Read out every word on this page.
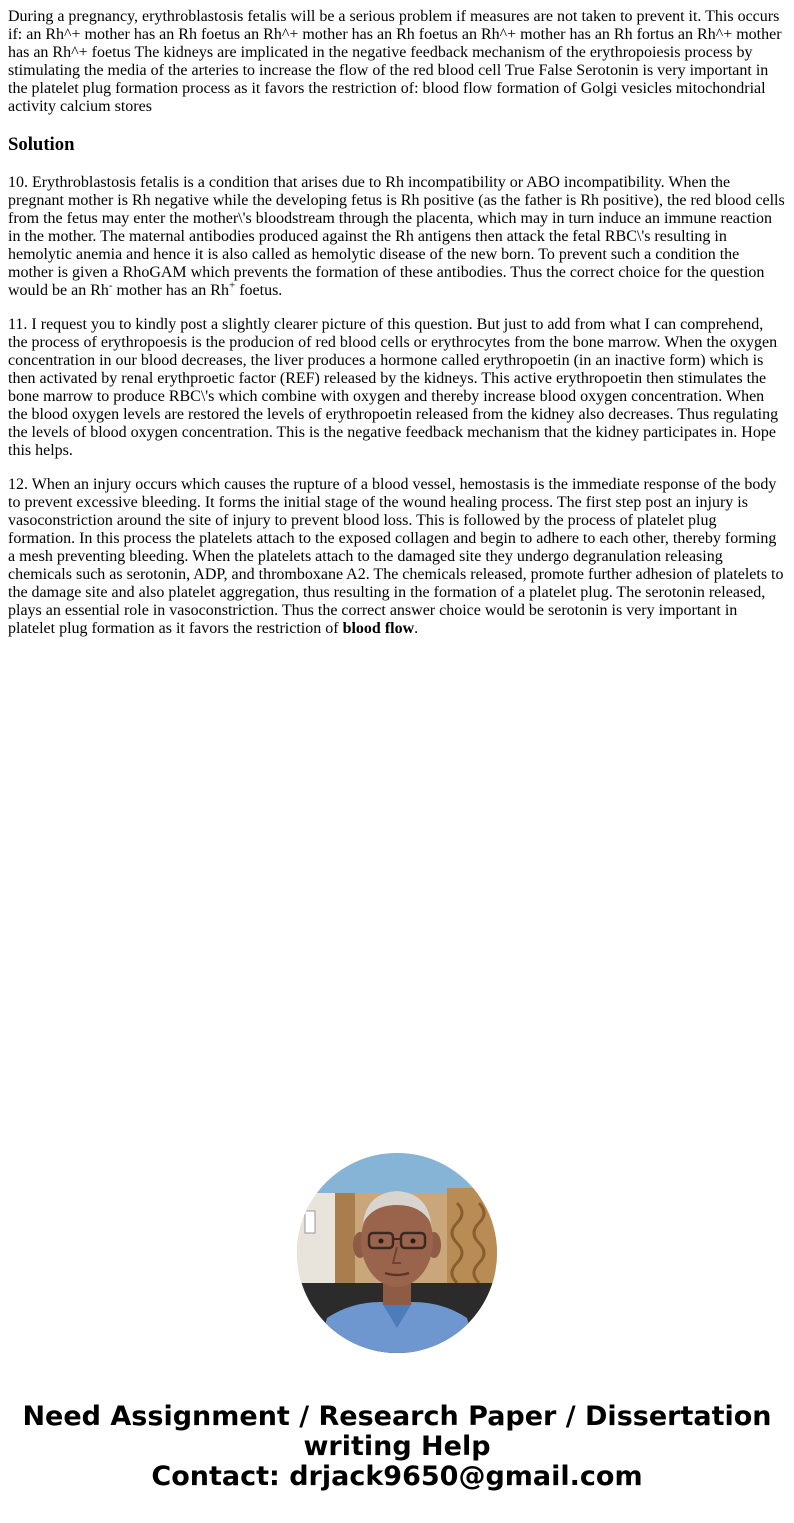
During a pregnancy, erythroblastosis fetalis will be a serious problem if measures are not taken to prevent it. This occurs if: an Rh^+ mother has an Rh foetus an Rh^+ mother has an Rh foetus an Rh^+ mother has an Rh fortus an Rh^+ mother has an Rh^+ foetus The kidneys are implicated in the negative feedback mechanism of the erythropoiesis process by stimulating the media of the arteries to increase the flow of the red blood cell True False Serotonin is very important in the platelet plug formation process as it favors the restriction of: blood flow formation of Golgi vesicles mitochondrial activity calcium stores

Solution

10. Erythroblastosis fetalis is a condition that arises due to Rh incompatibility or ABO incompatibility. When the pregnant mother is Rh negative while the developing fetus is Rh positive (as the father is Rh positive), the red blood cells from the fetus may enter the mother\'s bloodstream through the placenta, which may in turn induce an immune reaction in the mother. The maternal antibodies produced against the Rh antigens then attack the fetal RBC\'s resulting in hemolytic anemia and hence it is also called as hemolytic disease of the new born. To prevent such a condition the mother is given a RhoGAM which prevents the formation of these antibodies. Thus the correct choice for the question would be an Rh- mother has an Rh+ foetus.

11. I request you to kindly post a slightly clearer picture of this question. But just to add from what I can comprehend, the process of erythropoesis is the producion of red blood cells or erythrocytes from the bone marrow. When the oxygen concentration in our blood decreases, the liver produces a hormone called erythropoetin (in an inactive form) which is then activated by renal erythproetic factor (REF) released by the kidneys. This active erythropoetin then stimulates the bone marrow to produce RBC\'s which combine with oxygen and thereby increase blood oxygen concentration. When the blood oxygen levels are restored the levels of erythropoetin released from the kidney also decreases. Thus regulating the levels of blood oxygen concentration. This is the negative feedback mechanism that the kidney participates in. Hope this helps.

12. When an injury occurs which causes the rupture of a blood vessel, hemostasis is the immediate response of the body to prevent excessive bleeding. It forms the initial stage of the wound healing process. The first step post an injury is vasoconstriction around the site of injury to prevent blood loss. This is followed by the process of platelet plug formation. In this process the platelets attach to the exposed collagen and begin to adhere to each other, thereby forming a mesh preventing bleeding. When the platelets attach to the damaged site they undergo degranulation releasing chemicals such as serotonin, ADP, and thromboxane A2. The chemicals released, promote further adhesion of platelets to the damage site and also platelet aggregation, thus resulting in the formation of a platelet plug. The serotonin released, plays an essential role in vasoconstriction. Thus the correct answer choice would be serotonin is very important in platelet plug formation as it favors the restriction of blood flow.

Need Assignment / Research Paper / Dissertation writing Help
Contact: drjack9650@gmail.com
